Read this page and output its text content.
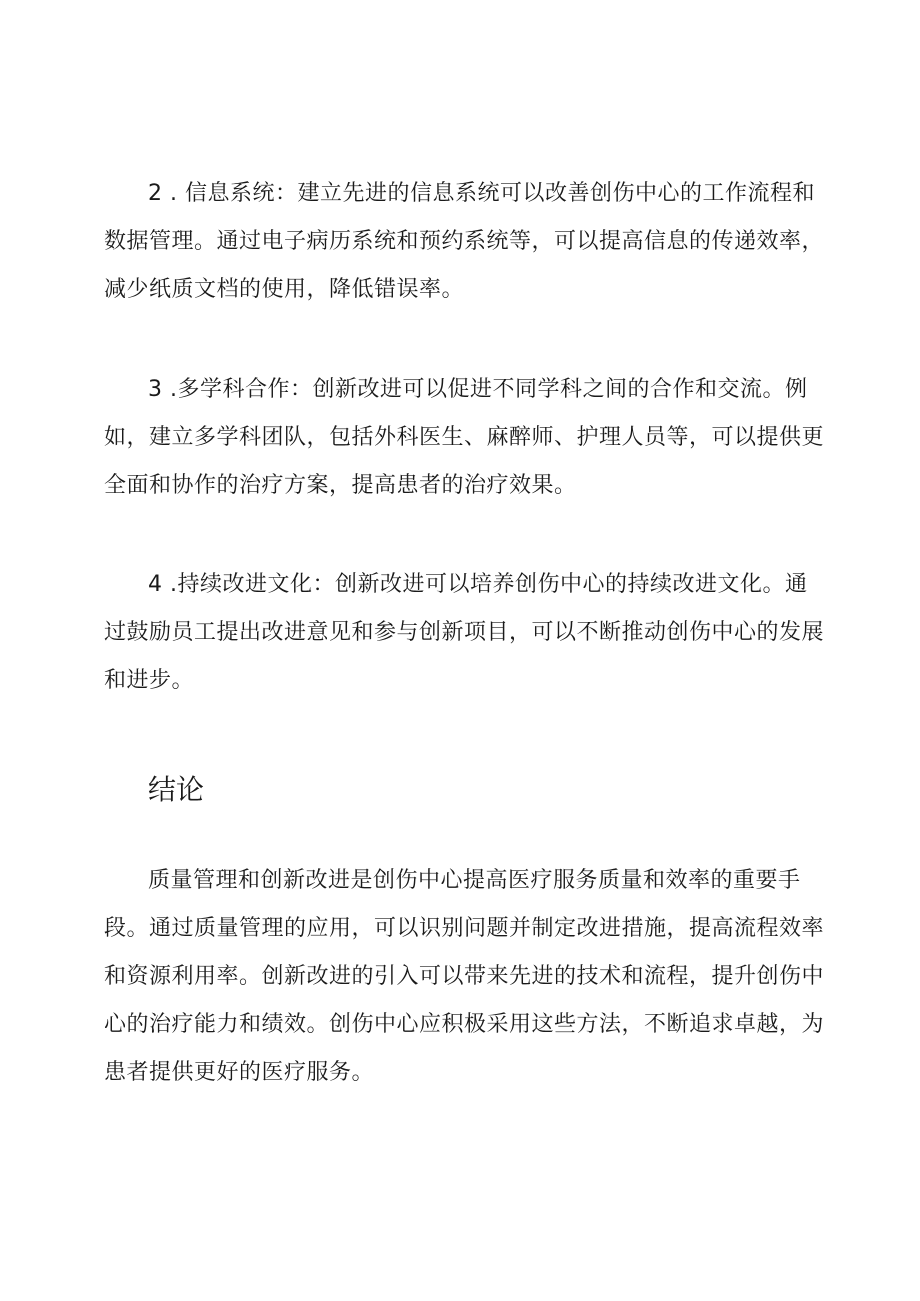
2 . 信息系统：建立先进的信息系统可以改善创伤中心的工作流程和数据管理。通过电子病历系统和预约系统等，可以提高信息的传递效率，减少纸质文档的使用，降低错误率。

3 .多学科合作：创新改进可以促进不同学科之间的合作和交流。例如，建立多学科团队，包括外科医生、麻醉师、护理人员等，可以提供更全面和协作的治疗方案，提高患者的治疗效果。

4 .持续改进文化：创新改进可以培养创伤中心的持续改进文化。通过鼓励员工提出改进意见和参与创新项目，可以不断推动创伤中心的发展和进步。

结论

质量管理和创新改进是创伤中心提高医疗服务质量和效率的重要手段。通过质量管理的应用，可以识别问题并制定改进措施，提高流程效率和资源利用率。创新改进的引入可以带来先进的技术和流程，提升创伤中心的治疗能力和绩效。创伤中心应积极采用这些方法，不断追求卓越，为患者提供更好的医疗服务。
